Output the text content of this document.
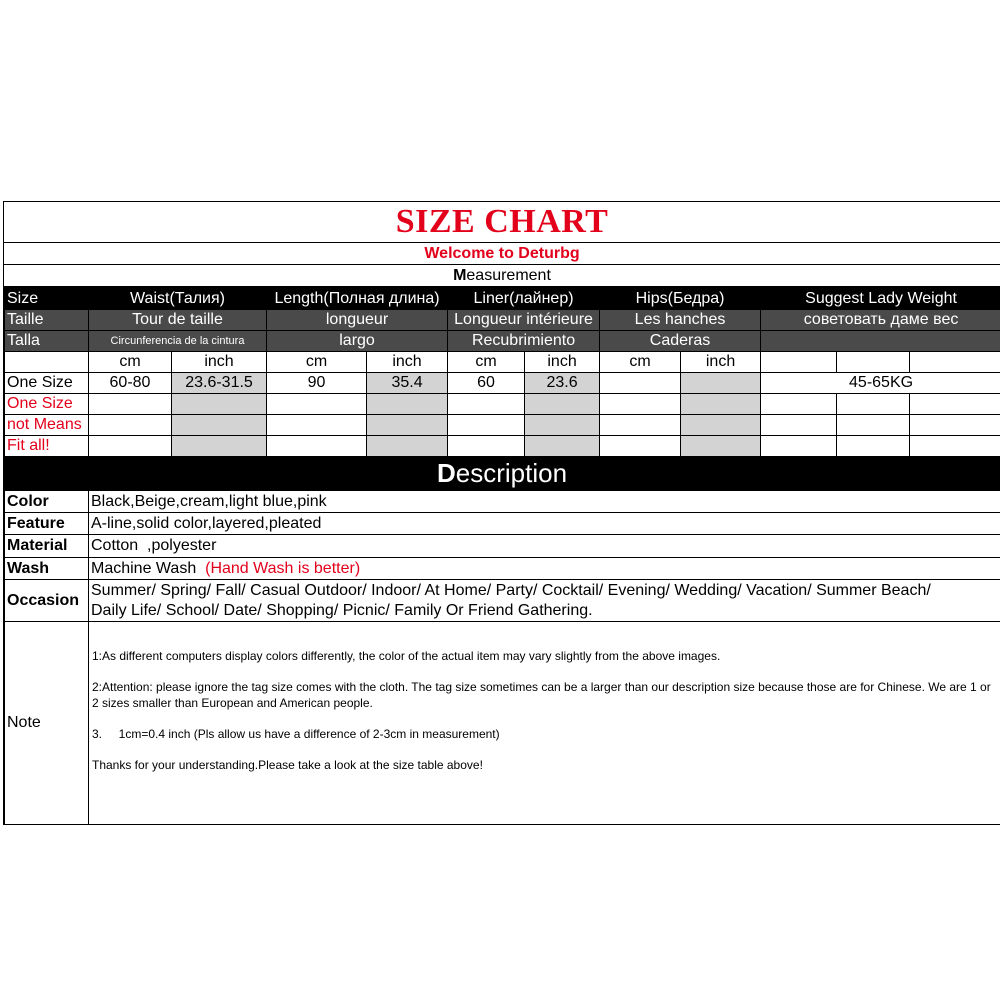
SIZE CHART
Welcome to Deturbg
M easurement
Size	Waist(Талия)		Length(Полная длина)		Liner(лайнер)		Hips(Бедра)		Suggest Lady Weight		
Taille	Tour de taille		longueur		Longueur intérieure		Les hanches		советовать даме вес		
Talla	Circunferencia de la cintura		largo		Recubrimiento		Caderas				
	cm	inch	cm	inch	cm	inch	cm	inch			
One Size	60-80	23.6-31.5	90	35.4	60	23.6			45-65KG		
One Size											
not Means											
Fit all!											
D escription
Color	Black,Beige,cream,light blue,pink
Feature	A-line,solid color,layered,pleated
Material	Cotton ,polyester
Wash	Machine Wash (Hand Wash is better)
Occasion	Summer/ Spring/ Fall/ Casual Outdoor/ Indoor/ At Home/ Party/ Cocktail/ Evening/ Wedding/ Vacation/ Summer Beach/
Daily Life/ School/ Date/ Shopping/ Picnic/ Family Or Friend Gathering.

Note	1:As different computers display colors differently, the color of the actual item may vary slightly from the above images.

2:Attention: please ignore the tag size comes with the cloth. The tag size sometimes can be a larger than our description size because those are for Chinese. We are 1 or 2 sizes smaller than European and American people.

3.     1cm=0.4 inch (Pls allow us have a difference of 2-3cm in measurement)

Thanks for your understanding.Please take a look at the size table above!
